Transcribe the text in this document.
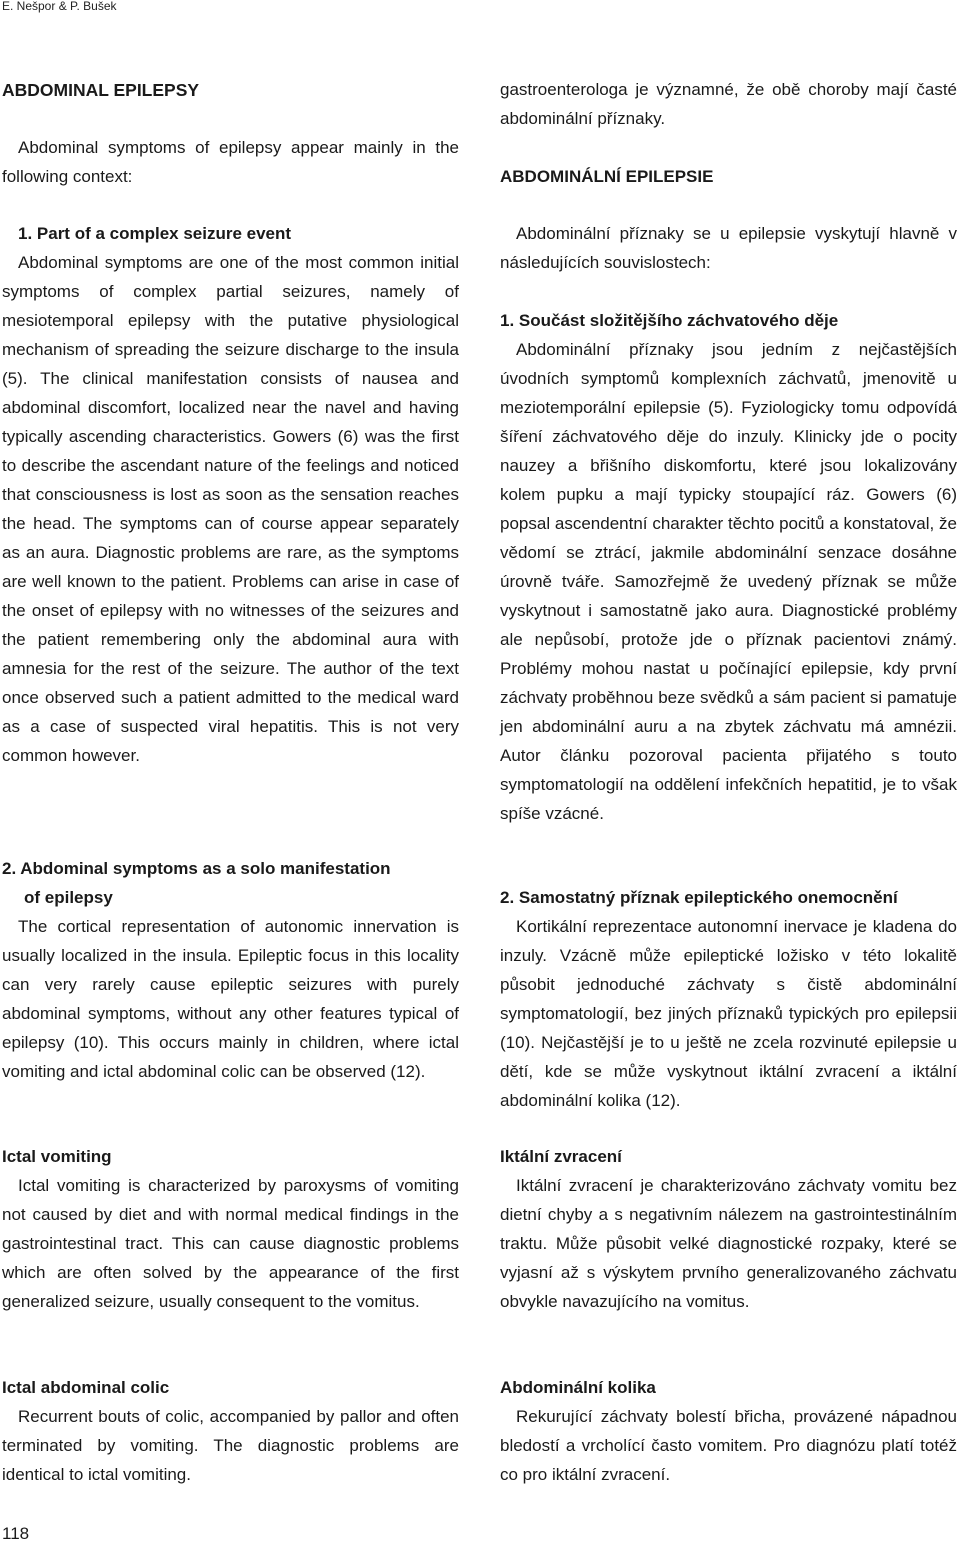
E. Nešpor & P. Bušek
ABDOMINAL EPILEPSY
Abdominal symptoms of epilepsy appear mainly in the following context:
1. Part of a complex seizure event
Abdominal symptoms are one of the most common initial symptoms of complex partial seizures, namely of mesiotemporal epilepsy with the putative physiological mechanism of spreading the seizure discharge to the insula (5). The clinical manifestation consists of nausea and abdominal discomfort, localized near the navel and having typically ascending characteristics. Gowers (6) was the first to describe the ascendant nature of the feelings and noticed that consciousness is lost as soon as the sensation reaches the head. The symptoms can of course appear separately as an aura. Diagnostic problems are rare, as the symptoms are well known to the patient. Problems can arise in case of the onset of epilepsy with no witnesses of the seizures and the patient remembering only the abdominal aura with amnesia for the rest of the seizure. The author of the text once observed such a patient admitted to the medical ward as a case of suspected viral hepatitis. This is not very common however.
2. Abdominal symptoms as a solo manifestation
of epilepsy
The cortical representation of autonomic innervation is usually localized in the insula. Epileptic focus in this locality can very rarely cause epileptic seizures with purely abdominal symptoms, without any other features typical of epilepsy (10). This occurs mainly in children, where ictal vomiting and ictal abdominal colic can be observed (12).
Ictal vomiting
Ictal vomiting is characterized by paroxysms of vomiting not caused by diet and with normal medical findings in the gastrointestinal tract. This can cause diagnostic problems which are often solved by the appearance of the first generalized seizure, usually consequent to the vomitus.
Ictal abdominal colic
Recurrent bouts of colic, accompanied by pallor and often terminated by vomiting. The diagnostic problems are identical to ictal vomiting.
gastroenterologa je významné, že obě choroby mají časté abdominální příznaky.
ABDOMINÁLNÍ EPILEPSIE
Abdominální příznaky se u epilepsie vyskytují hlavně v následujících souvislostech:
1. Součást složitějšího záchvatového děje
Abdominální příznaky jsou jedním z nejčastějších úvodních symptomů komplexních záchvatů, jmenovitě u meziotemporální epilepsie (5). Fyziologicky tomu odpovídá šíření záchvatového děje do inzuly. Klinicky jde o pocity nauzey a břišního diskomfortu, které jsou lokalizovány kolem pupku a mají typicky stoupající ráz. Gowers (6) popsal ascendentní charakter těchto pocitů a konstatoval, že vědomí se ztrácí, jakmile abdominální senzace dosáhne úrovně tváře. Samozřejmě že uvedený příznak se může vyskytnout i samostatně jako aura. Diagnostické problémy ale nepůsobí, protože jde o příznak pacientovi známý. Problémy mohou nastat u počínající epilepsie, kdy první záchvaty proběhnou beze svědků a sám pacient si pamatuje jen abdominální auru a na zbytek záchvatu má amnézii. Autor článku pozoroval pacienta přijatého s touto symptomatologií na oddělení infekčních hepatitid, je to však spíše vzácné.
2. Samostatný příznak epileptického onemocnění
Kortikální reprezentace autonomní inervace je kladena do inzuly. Vzácně může epileptické ložisko v této lokalitě působit jednoduché záchvaty s čistě abdominální symptomatologií, bez jiných příznaků typických pro epilepsii (10). Nejčastější je to u ještě ne zcela rozvinuté epilepsie u dětí, kde se může vyskytnout iktální zvracení a iktální abdominální kolika (12).
Iktální zvracení
Iktální zvracení je charakterizováno záchvaty vomitu bez dietní chyby a s negativním nálezem na gastrointestinálním traktu. Může působit velké diagnostické rozpaky, které se vyjasní až s výskytem prvního generalizovaného záchvatu obvykle navazujícího na vomitus.
Abdominální kolika
Rekurující záchvaty bolestí břicha, provázené nápadnou bledostí a vrcholící často vomitem. Pro diagnózu platí totéž co pro iktální zvracení.
118
